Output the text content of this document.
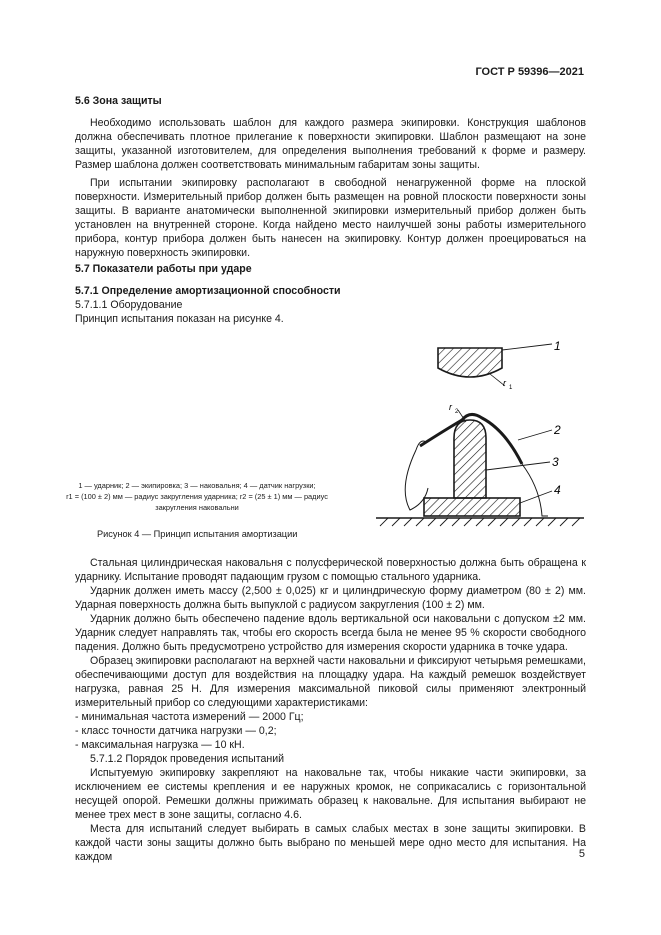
ГОСТ Р 59396—2021

5.6 Зона защиты

Необходимо использовать шаблон для каждого размера экипировки. Конструкция шаблонов должна обеспечивать плотное прилегание к поверхности экипировки. Шаблон размещают на зоне защиты, указанной изготовителем, для определения выполнения требований к форме и размеру. Размер шаблона должен соответствовать минимальным габаритам зоны защиты.

При испытании экипировку располагают в свободной ненагруженной форме на плоской поверхности. Измерительный прибор должен быть размещен на ровной плоскости поверхности зоны защиты. В варианте анатомически выполненной экипировки измерительный прибор должен быть установлен на внутренней стороне. Когда найдено место наилучшей зоны работы измерительного прибора, контур прибора должен быть нанесен на экипировку. Контур должен проецироваться на наружную поверхность экипировки.

5.7 Показатели работы при ударе

5.7.1 Определение амортизационной способности

5.7.1.1 Оборудование

Принцип испытания показан на рисунке 4.

1
2
3
4
r 1
r 2
1 — ударник; 2 — экипировка; 3 — наковальня; 4 — датчик нагрузки;
r1 = (100 ± 2) мм — радиус закругления ударника; r2 = (25 ± 1) мм — радиус
закругления наковальни
Рисунок 4 — Принцип испытания амортизации

Стальная цилиндрическая наковальня с полусферической поверхностью должна быть обращена к ударнику. Испытание проводят падающим грузом с помощью стального ударника.

Ударник должен иметь массу (2,500 ± 0,025) кг и цилиндрическую форму диаметром (80 ± 2) мм. Ударная поверхность должна быть выпуклой с радиусом закругления (100 ± 2) мм.

Ударник должно быть обеспечено падение вдоль вертикальной оси наковальни с допуском ±2 мм. Ударник следует направлять так, чтобы его скорость всегда была не менее 95 % скорости свободного падения. Должно быть предусмотрено устройство для измерения скорости ударника в точке удара.

Образец экипировки располагают на верхней части наковальни и фиксируют четырьмя ремешками, обеспечивающими доступ для воздействия на площадку удара. На каждый ремешок воздействует нагрузка, равная 25 Н. Для измерения максимальной пиковой силы применяют электронный измерительный прибор со следующими характеристиками:

- минимальная частота измерений — 2000 Гц;
- класс точности датчика нагрузки — 0,2;
- максимальная нагрузка — 10 кН.

5.7.1.2 Порядок проведения испытаний

Испытуемую экипировку закрепляют на наковальне так, чтобы никакие части экипировки, за исключением ее системы крепления и ее наружных кромок, не соприкасались с горизонтальной несущей опорой. Ремешки должны прижимать образец к наковальне. Для испытания выбирают не менее трех мест в зоне защиты, согласно 4.6.

Места для испытаний следует выбирать в самых слабых местах в зоне защиты экипировки. В каждой части зоны защиты должно быть выбрано по меньшей мере одно место для испытания. На каждом	5
